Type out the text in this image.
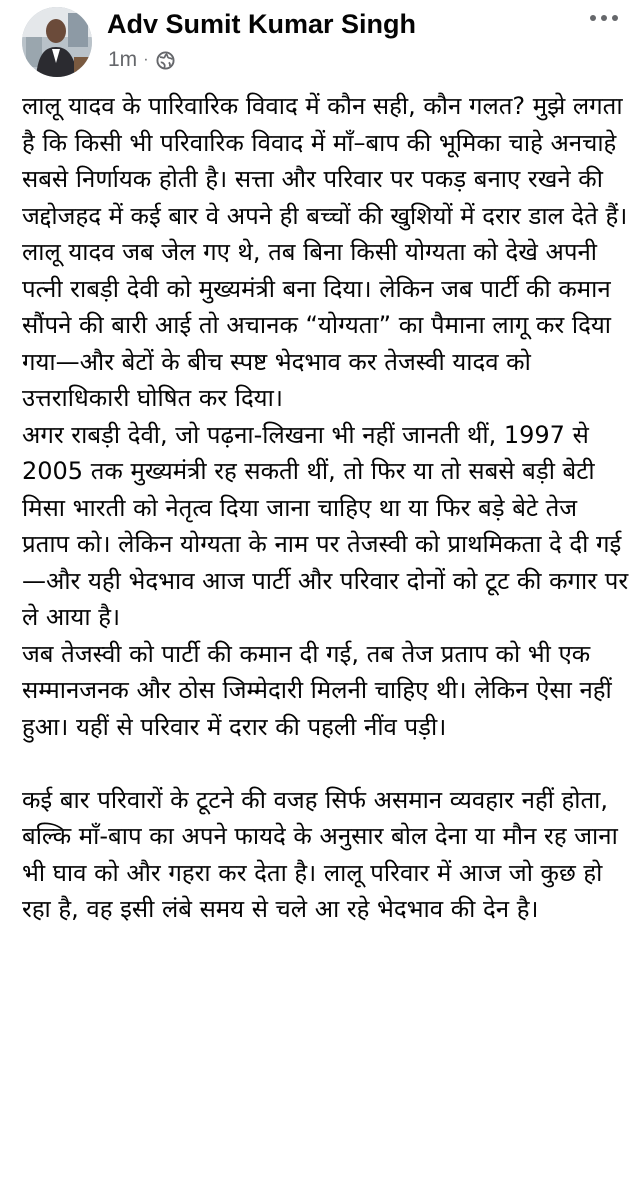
Adv Sumit Kumar Singh
1m ·

लालू यादव के पारिवारिक विवाद में कौन सही, कौन गलत? मुझे लगता है कि किसी भी परिवारिक विवाद में माँ–बाप की भूमिका चाहे अनचाहे सबसे निर्णायक होती है। सत्ता और परिवार पर पकड़ बनाए रखने की जद्दोजहद में कई बार वे अपने ही बच्चों की खुशियों में दरार डाल देते हैं।

लालू यादव जब जेल गए थे, तब बिना किसी योग्यता को देखे अपनी पत्नी राबड़ी देवी को मुख्यमंत्री बना दिया। लेकिन जब पार्टी की कमान सौंपने की बारी आई तो अचानक “योग्यता” का पैमाना लागू कर दिया गया—और बेटों के बीच स्पष्ट भेदभाव कर तेजस्वी यादव को उत्तराधिकारी घोषित कर दिया।

अगर राबड़ी देवी, जो पढ़ना-लिखना भी नहीं जानती थीं, 1997 से 2005 तक मुख्यमंत्री रह सकती थीं, तो फिर या तो सबसे बड़ी बेटी मिसा भारती को नेतृत्व दिया जाना चाहिए था या फिर बड़े बेटे तेज प्रताप को। लेकिन योग्यता के नाम पर तेजस्वी को प्राथमिकता दे दी गई—और यही भेदभाव आज पार्टी और परिवार दोनों को टूट की कगार पर ले आया है।

जब तेजस्वी को पार्टी की कमान दी गई, तब तेज प्रताप को भी एक सम्मानजनक और ठोस जिम्मेदारी मिलनी चाहिए थी। लेकिन ऐसा नहीं हुआ। यहीं से परिवार में दरार की पहली नींव पड़ी।

कई बार परिवारों के टूटने की वजह सिर्फ असमान व्यवहार नहीं होता, बल्कि माँ-बाप का अपने फायदे के अनुसार बोल देना या मौन रह जाना भी घाव को और गहरा कर देता है। लालू परिवार में आज जो कुछ हो रहा है, वह इसी लंबे समय से चले आ रहे भेदभाव की देन है।
